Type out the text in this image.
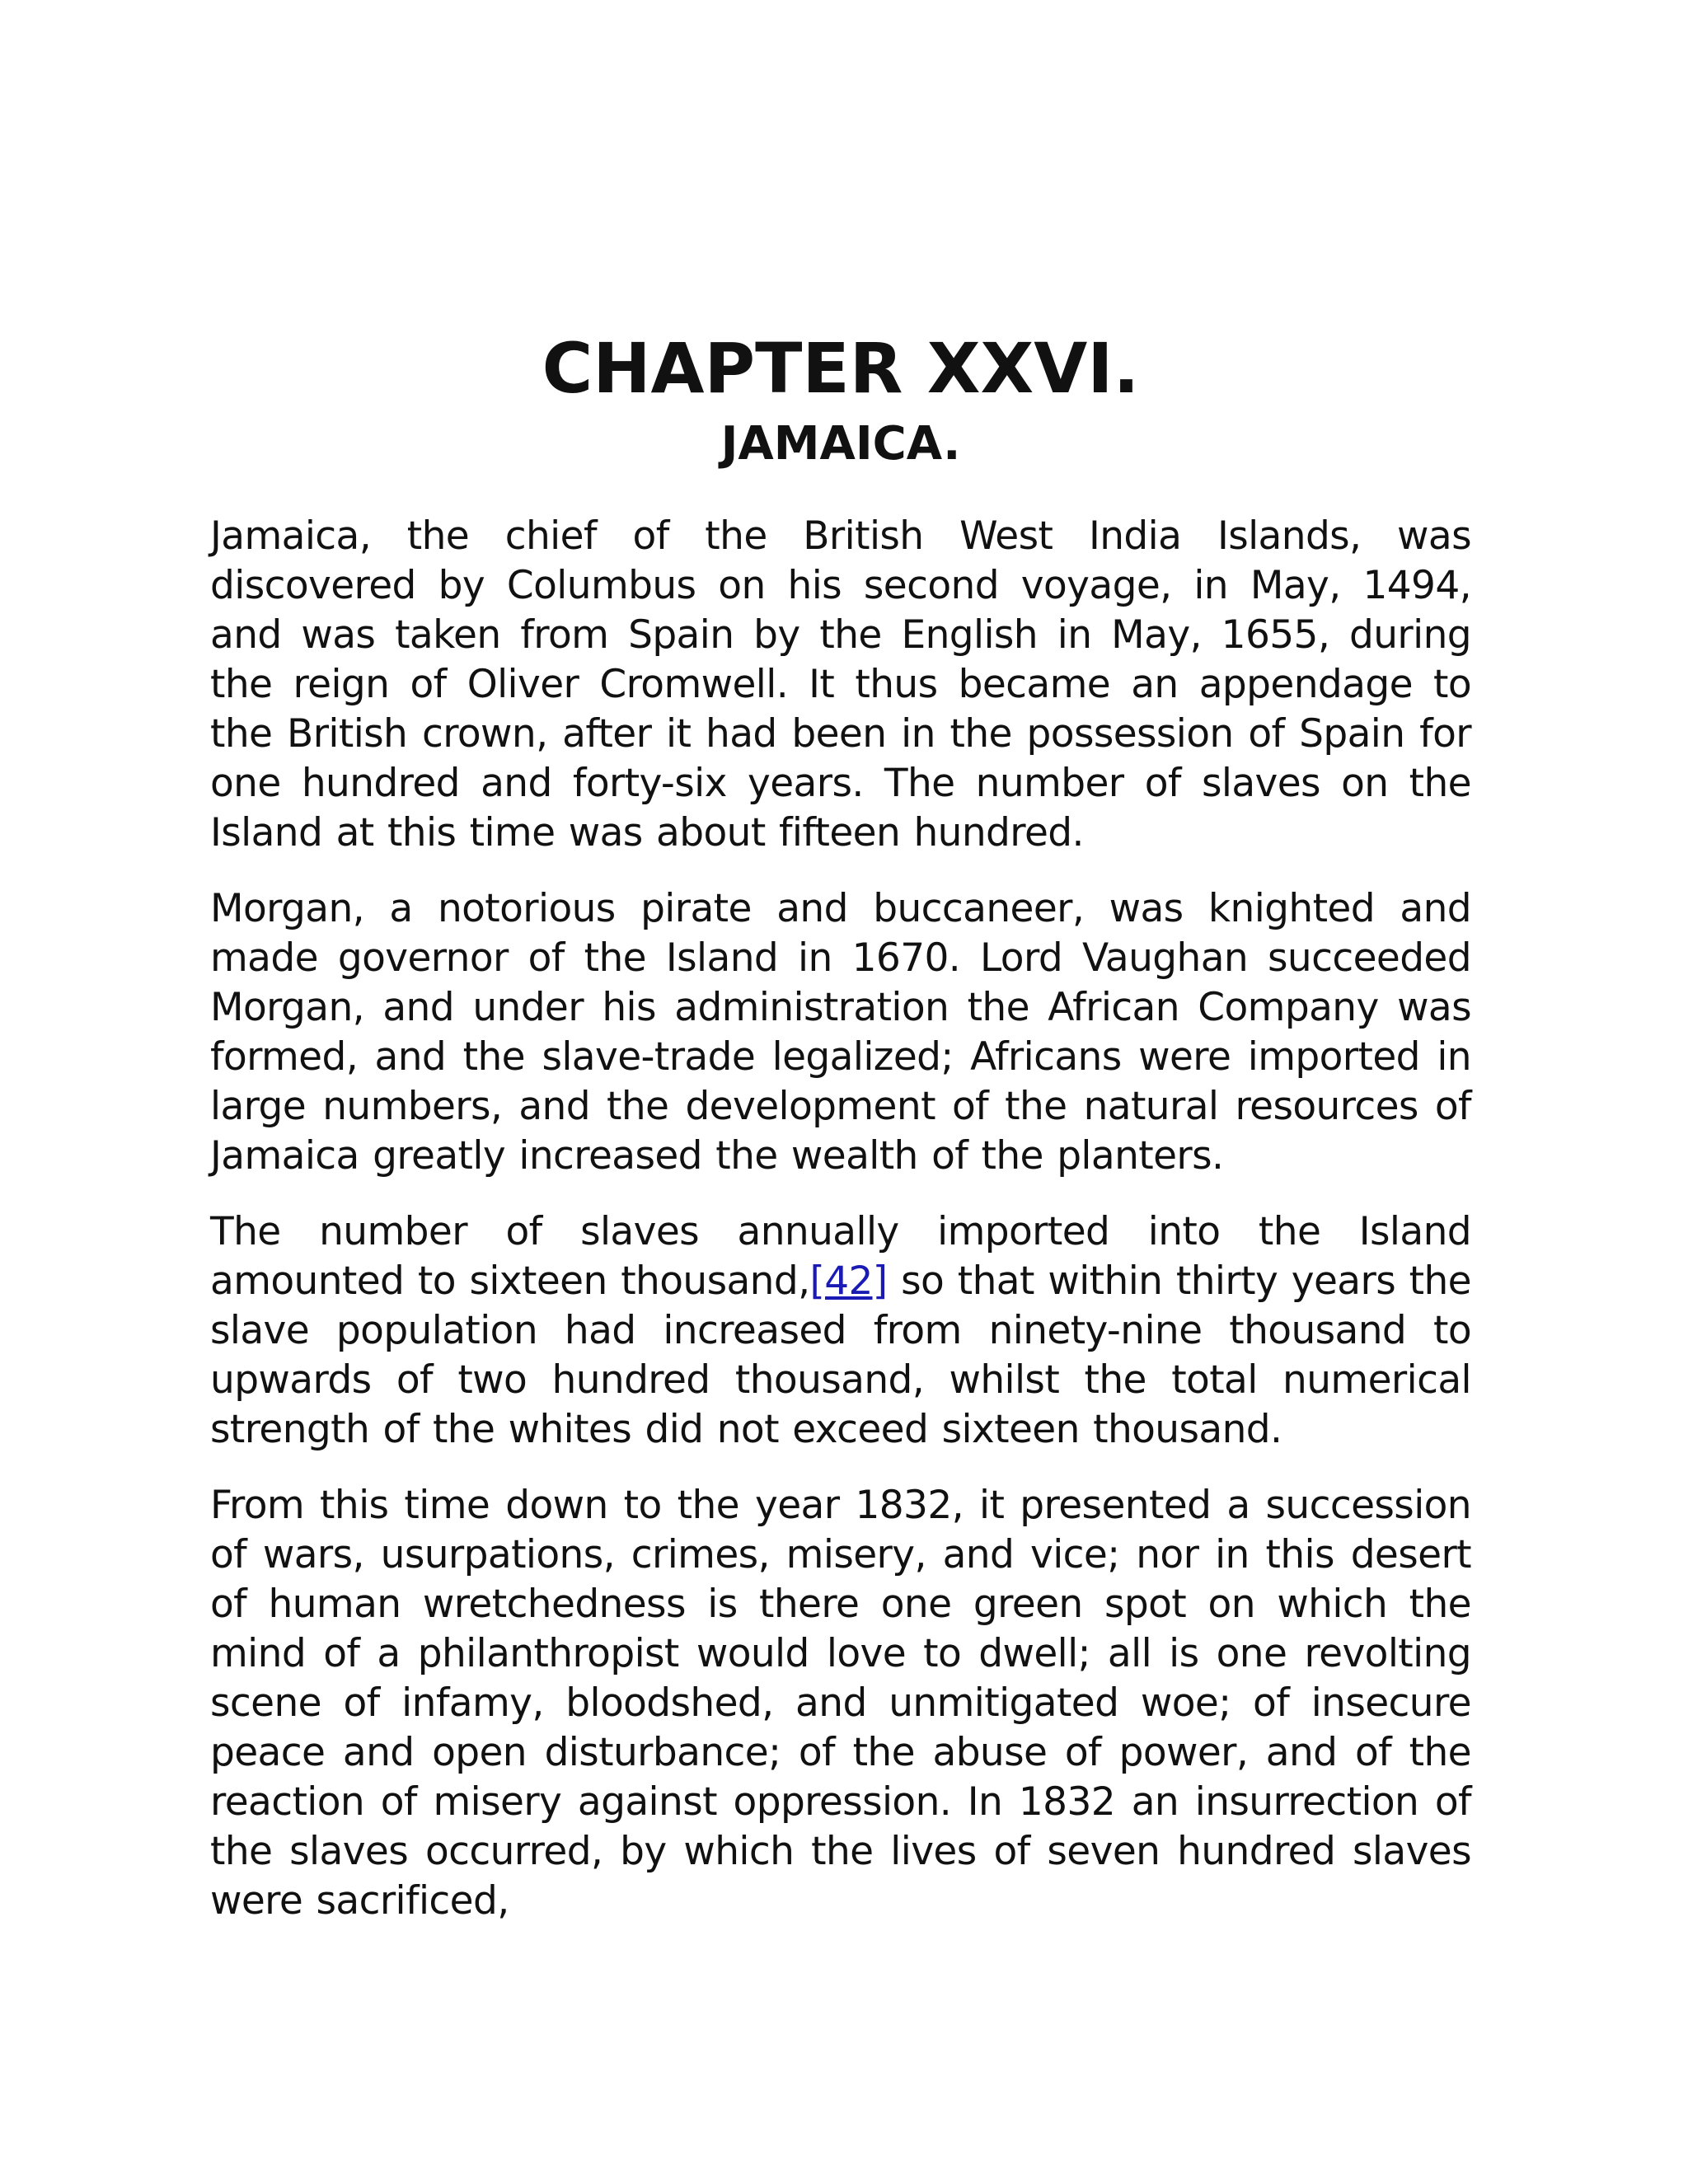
CHAPTER XXVI.
JAMAICA.

Jamaica, the chief of the British West India Islands, was discovered by Columbus on his second voyage, in May, 1494, and was taken from Spain by the English in May, 1655, during the reign of Oliver Cromwell. It thus became an appendage to the British crown, after it had been in the possession of Spain for one hundred and forty-six years. The number of slaves on the Island at this time was about fifteen hundred.

Morgan, a notorious pirate and buccaneer, was knighted and made governor of the Island in 1670. Lord Vaughan succeeded Morgan, and under his administration the African Company was formed, and the slave-trade legalized; Africans were imported in large numbers, and the development of the natural resources of Jamaica greatly increased the wealth of the planters.

The number of slaves annually imported into the Island amounted to sixteen thousand,[42] so that within thirty years the slave population had increased from ninety-nine thousand to upwards of two hundred thousand, whilst the total numerical strength of the whites did not exceed sixteen thousand.

From this time down to the year 1832, it presented a succession of wars, usurpations, crimes, misery, and vice; nor in this desert of human wretchedness is there one green spot on which the mind of a philanthropist would love to dwell; all is one revolting scene of infamy, bloodshed, and unmitigated woe; of insecure peace and open disturbance; of the abuse of power, and of the reaction of misery against oppression. In 1832 an insurrection of the slaves occurred, by which the lives of seven hundred slaves were sacrificed,
